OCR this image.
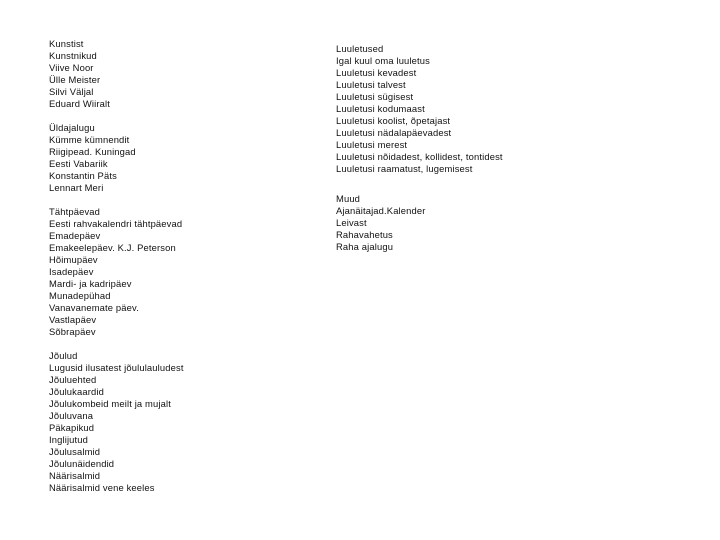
Kunstist
Kunstnikud
Viive Noor
Ülle Meister
Silvi Väljal
Eduard Wiiralt
Üldajalugu
Kümme kümnendit
Riigipead. Kuningad
Eesti Vabariik
Konstantin Päts
Lennart Meri
Tähtpäevad
Eesti rahvakalendri tähtpäevad
Emadepäev
Emakeelepäev. K.J. Peterson
Hõimupäev
Isadepäev
Mardi- ja kadripäev
Munadepühad
Vanavanemate päev.
Vastlapäev
Sõbrapäev
Jõulud
Lugusid ilusatest jõululauludest
Jõuluehted
Jõulukaardid
Jõulukombeid meilt ja mujalt
Jõuluvana
Päkapikud
Inglijutud
Jõulusalmid
Jõulunäidendid
Näärisalmid
Näärisalmid vene keeles
Luuletused
Igal kuul oma luuletus
Luuletusi kevadest
Luuletusi talvest
Luuletusi sügisest
Luuletusi kodumaast
Luuletusi koolist, õpetajast
Luuletusi nädalapäevadest
Luuletusi merest
Luuletusi nõidadest, kollidest, tontidest
Luuletusi raamatust, lugemisest
Muud
Ajanäitajad.Kalender
Leivast
Rahavahetus
Raha ajalugu
